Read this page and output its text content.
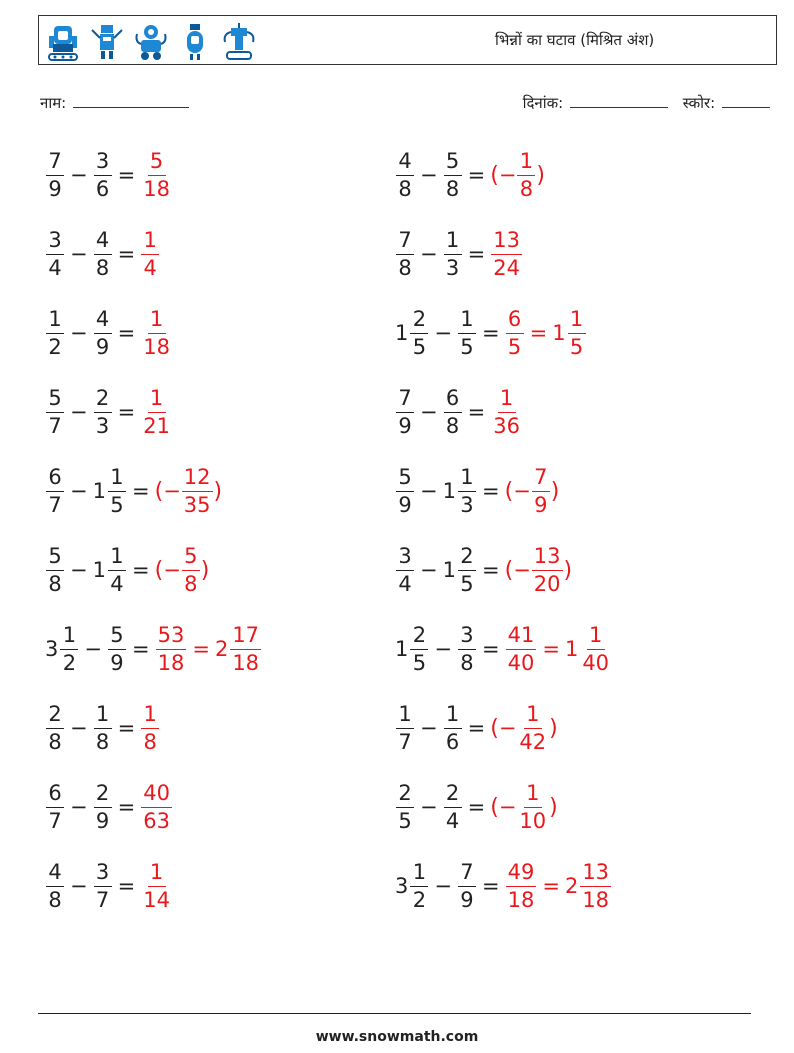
भिन्नों का घटाव (मिश्रित अंश)
नाम:	दिनांक:	स्कोर:
$\frac{7}{9} - \frac{3}{6} = \frac{5}{18}$
$\frac{3}{4} - \frac{4}{8} = \frac{1}{4}$
$\frac{1}{2} - \frac{4}{9} = \frac{1}{18}$
$\frac{5}{7} - \frac{2}{3} = \frac{1}{21}$
$\frac{6}{7} - 1 \frac{1}{5}$ = ( − $\frac{12}{35}$ )
$\frac{5}{8} - 1 \frac{1}{4}$ = ( − $\frac{5}{8}$ )
$3 \frac{1}{2} - \frac{5}{9} = \frac{53}{18} = 2 \frac{17}{18}$
$\frac{2}{8} - \frac{1}{8} = \frac{1}{8}$
$\frac{6}{7} - \frac{2}{9} = \frac{40}{63}$
$\frac{4}{8} - \frac{3}{7} = \frac{1}{14}$
$\frac{4}{8} - \frac{5}{8}$ = ( − $\frac{1}{8}$ )
$\frac{7}{8} - \frac{1}{3} = \frac{13}{24}$
$1 \frac{2}{5} - \frac{1}{5} = \frac{6}{5} = 1 \frac{1}{5}$
$\frac{7}{9} - \frac{6}{8} = \frac{1}{36}$
$\frac{5}{9} - 1 \frac{1}{3}$ = ( − $\frac{7}{9}$ )
$\frac{3}{4} - 1 \frac{2}{5}$ = ( − $\frac{13}{20}$ )
$1 \frac{2}{5} - \frac{3}{8} = \frac{41}{40} = 1 \frac{1}{40}$
$\frac{1}{7} - \frac{1}{6}$ = ( − $\frac{1}{42}$ )
$\frac{2}{5} - \frac{2}{4}$ = ( − $\frac{1}{10}$ )
$3 \frac{1}{2} - \frac{7}{9} = \frac{49}{18} = 2 \frac{13}{18}$
www.snowmath.com
